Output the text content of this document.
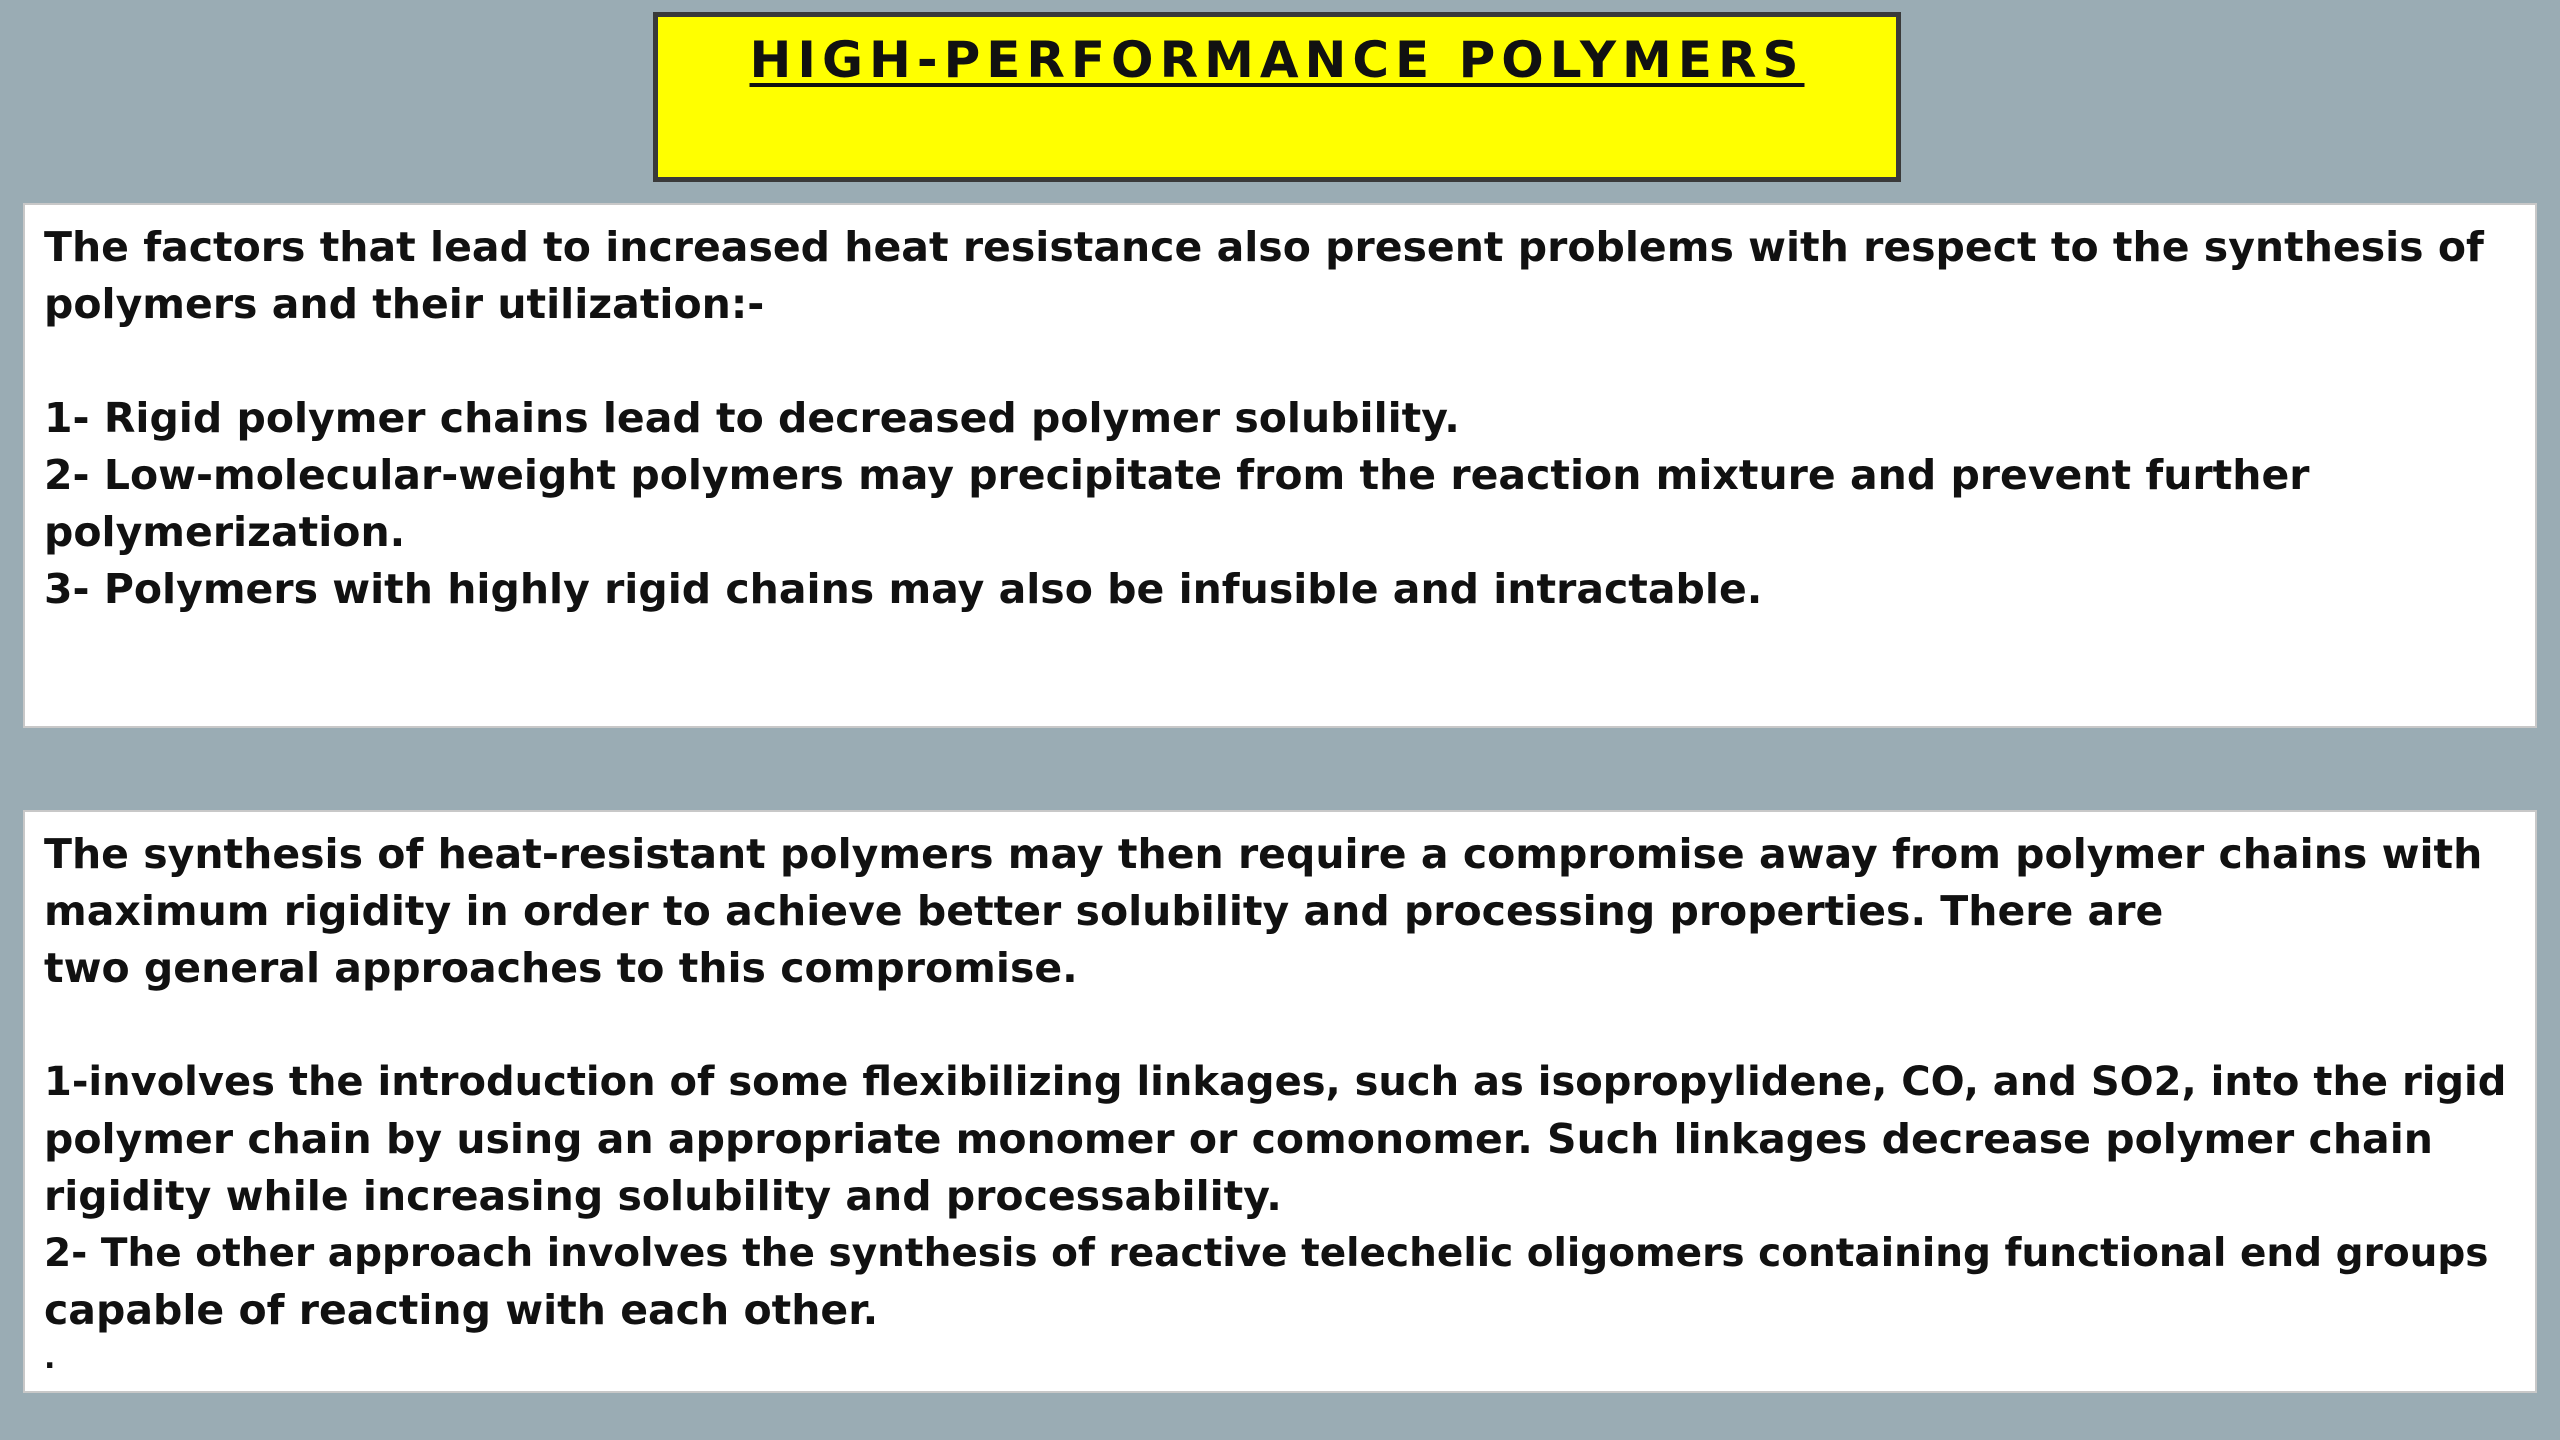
HIGH-PERFORMANCE POLYMERS

The factors that lead to increased heat resistance also present problems with respect to the synthesis of

polymers and their utilization:-

1- Rigid polymer chains lead to decreased polymer solubility.

2- Low-molecular-weight polymers may precipitate from the reaction mixture and prevent further

polymerization.

3- Polymers with highly rigid chains may also be infusible and intractable.

The synthesis of heat-resistant polymers may then require a compromise away from polymer chains with

maximum rigidity in order to achieve better solubility and processing properties. There are

two general approaches to this compromise.

1-involves the introduction of some flexibilizing linkages, such as isopropylidene, CO, and SO2, into the rigid

polymer chain by using an appropriate monomer or comonomer. Such linkages decrease polymer chain

rigidity while increasing solubility and processability.

2- The other approach involves the synthesis of reactive telechelic oligomers containing functional end groups

capable of reacting with each other.

.
